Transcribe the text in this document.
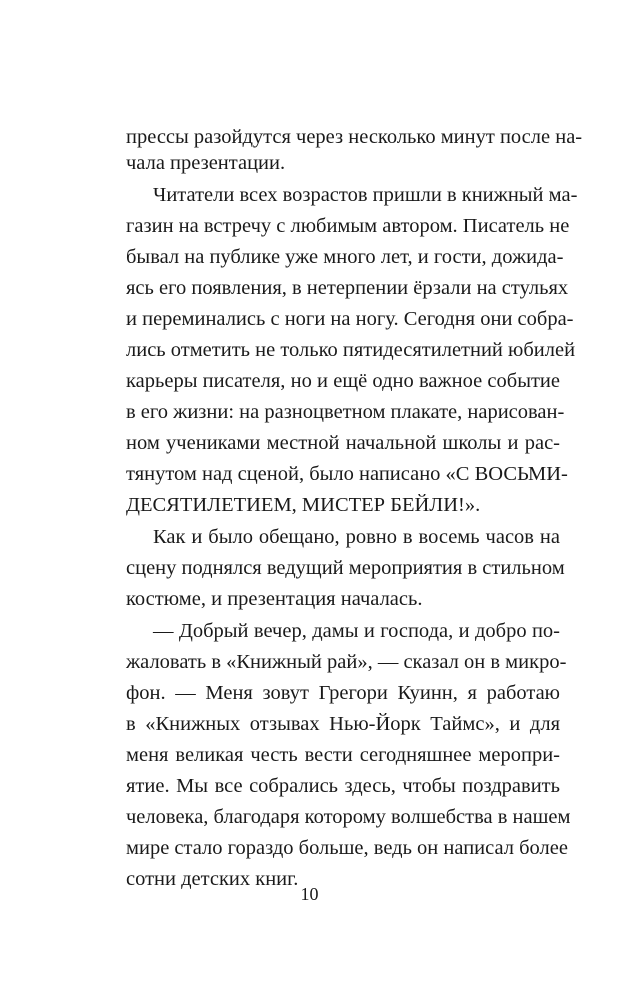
прессы разойдутся через несколько минут после на-
чала презентации.
Читатели всех возрастов пришли в книжный ма-
газин на встречу с любимым автором. Писатель не
бывал на публике уже много лет, и гости, дожида-
ясь его появления, в нетерпении ёрзали на стульях
и переминались с ноги на ногу. Сегодня они собра-
лись отметить не только пятидесятилетний юбилей
карьеры писателя, но и ещё одно важное событие
в его жизни: на разноцветном плакате, нарисован-
ном учениками местной начальной школы и рас-
тянутом над сценой, было написано «С ВОСЬМИ-
ДЕСЯТИЛЕТИЕМ, МИСТЕР БЕЙЛИ!».
Как и было обещано, ровно в восемь часов на
сцену поднялся ведущий мероприятия в стильном
костюме, и презентация началась.
— Добрый вечер, дамы и господа, и добро по-
жаловать в «Книжный рай», — сказал он в микро-
фон. — Меня зовут Грегори Куинн, я работаю
в «Книжных отзывах Нью-Йорк Таймс», и для
меня великая честь вести сегодняшнее меропри-
ятие. Мы все собрались здесь, чтобы поздравить
человека, благодаря которому волшебства в нашем
мире стало гораздо больше, ведь он написал более
сотни детских книг.
10
